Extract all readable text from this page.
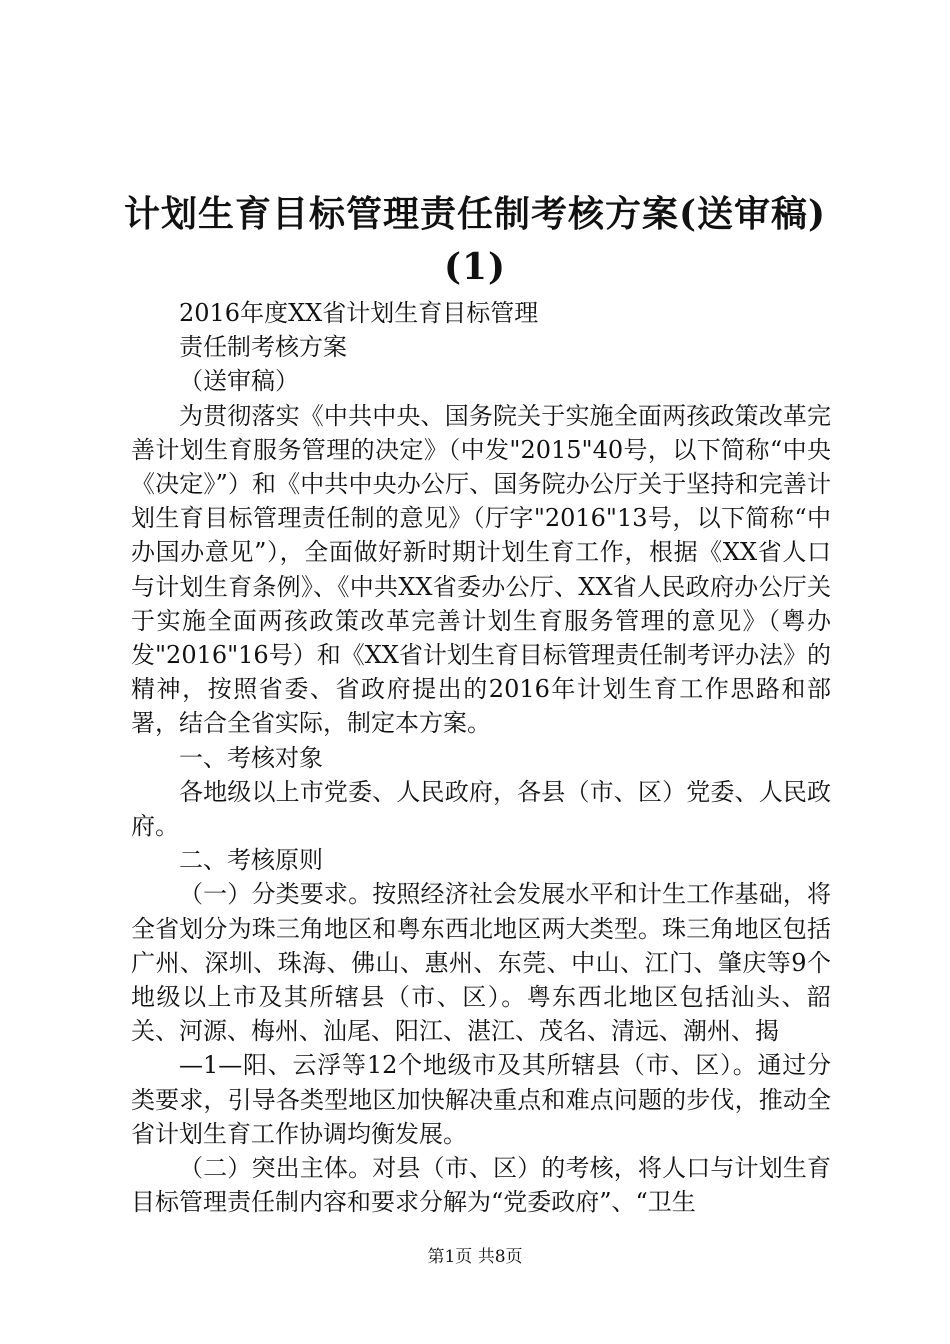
计划生育目标管理责任制考核方案(送审稿)
(1)

2016年度XX省计划生育目标管理

责任制考核方案

（送审稿）

为贯彻落实《中共中央、国务院关于实施全面两孩政策改革完善计划生育服务管理的决定》（中发"2015"40号，以下简称“中央《决定》”）和《中共中央办公厅、国务院办公厅关于坚持和完善计划生育目标管理责任制的意见》（厅字"2016"13号，以下简称“中办国办意见”），全面做好新时期计划生育工作，根据《XX省人口与计划生育条例》、《中共XX省委办公厅、XX省人民政府办公厅关于实施全面两孩政策改革完善计划生育服务管理的意见》（粤办发"2016"16号）和《XX省计划生育目标管理责任制考评办法》的精神，按照省委、省政府提出的2016年计划生育工作思路和部署，结合全省实际，制定本方案。

一、考核对象

各地级以上市党委、人民政府，各县（市、区）党委、人民政府。

二、考核原则

（一）分类要求。按照经济社会发展水平和计生工作基础，将全省划分为珠三角地区和粤东西北地区两大类型。珠三角地区包括广州、深圳、珠海、佛山、惠州、东莞、中山、江门、肇庆等9个地级以上市及其所辖县（市、区）。粤东西北地区包括汕头、韶关、河源、梅州、汕尾、阳江、湛江、茂名、清远、潮州、揭

—1—阳、云浮等12个地级市及其所辖县（市、区）。通过分类要求，引导各类型地区加快解决重点和难点问题的步伐，推动全省计划生育工作协调均衡发展。

（二）突出主体。对县（市、区）的考核，将人口与计划生育目标管理责任制内容和要求分解为“党委政府”、“卫生

第1页 共8页
